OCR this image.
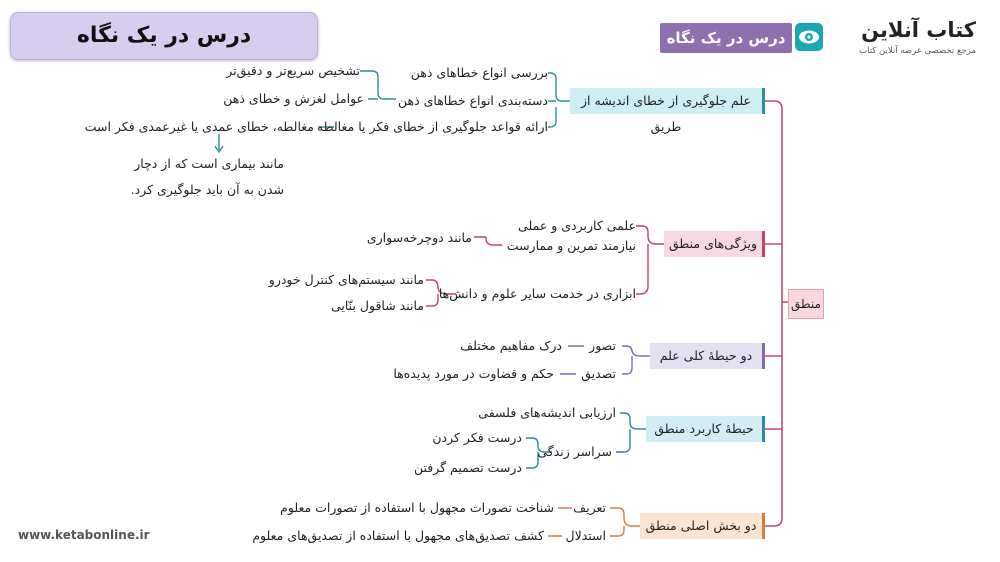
درس در یک نگاه	کتاب آنلاین
مرجع تخصصی عرضه آنلاین کتاب
درس در یک نگاه
منطق
علم جلوگیری از خطای اندیشه از طریق
بررسی انواع خطاهای ذهن
دسته‌بندی انواع خطاهای ذهن
ارائه قواعد جلوگیری از خطای فکر یا مغالطه
تشخیص سریع‌تر و دقیق‌تر
عوامل لغزش و خطای ذهن
مغالطه، خطای عمدی یا غیرعمدی فکر است
مانند بیماری است که از دچار
شدن به آن باید جلوگیری کرد.
ویژگی‌های منطق
علمی کاربردی و عملی
نیازمند تمرین و ممارست
ابزاری در خدمت سایر علوم و دانش‌ها
مانند دوچرخه‌سواری
مانند سیستم‌های کنترل خودرو
مانند شاقول بنّایی
دو حیطهٔ کلی علم
تصور
تصدیق
درک مفاهیم مختلف
حکم و قضاوت در مورد پدیده‌ها
حیطهٔ کاربرد منطق
ارزیابی اندیشه‌های فلسفی
سراسر زندگی
درست فکر کردن
درست تصمیم گرفتن
دو بخش اصلی منطق
تعریف
استدلال
شناخت تصورات مجهول با استفاده از تصورات معلوم
کشف تصدیق‌های مجهول با استفاده از تصدیق‌های معلوم
www.ketabonline.ir
